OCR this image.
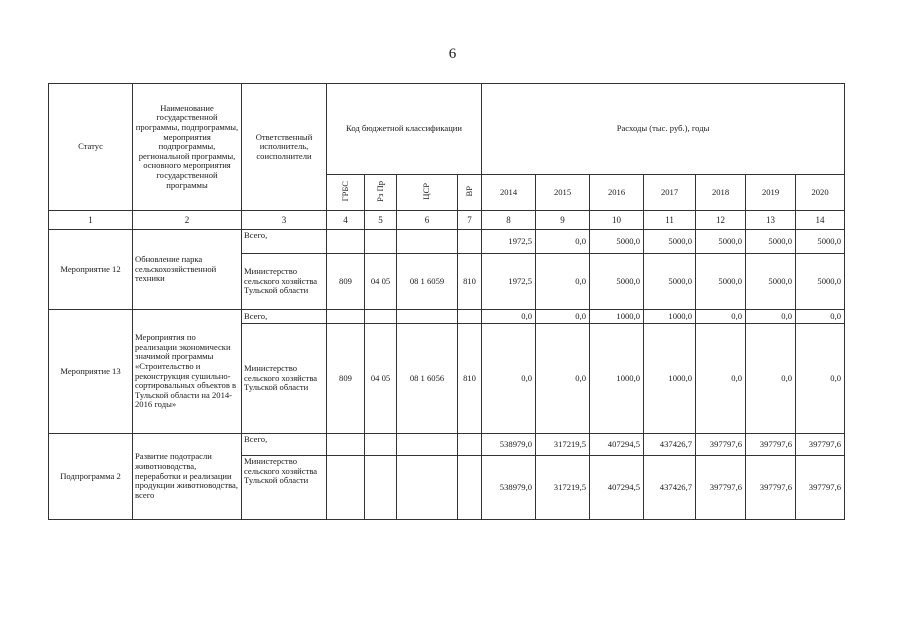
6
Статус	Наименование государственной программы, подпрограммы, мероприятия подпрограммы, региональной программы, основного мероприятия государственной программы	Ответственный исполнитель, соисполнители	Код бюджетной классификации				Расходы (тыс. руб.), годы						
			ГРБС	Рз Пр	ЦСР	ВР	2014	2015	2016	2017	2018	2019	2020
1	2	3	4	5	6	7	8	9	10	11	12	13	14
Мероприятие 12	Обновление парка сельскохозяйственной техники	Всего,					1972,5	0,0	5000,0	5000,0	5000,0	5000,0	5000,0
		Министерство сельского хозяйства Тульской области	809	04 05	08 1 6059	810	1972,5	0,0	5000,0	5000,0	5000,0	5000,0	5000,0
Мероприятие 13	Мероприятия по реализации экономически значимой программы «Строительство и реконструкция сушильно-сортировальных объектов в Тульской области на 2014-2016 годы»	Всего,					0,0	0,0	1000,0	1000,0	0,0	0,0	0,0
		Министерство сельского хозяйства Тульской области	809	04 05	08 1 6056	810	0,0	0,0	1000,0	1000,0	0,0	0,0	0,0
Подпрограмма 2	Развитие подотрасли животноводства, переработки и реализации продукции животноводства, всего	Всего,					538979,0	317219,5	407294,5	437426,7	397797,6	397797,6	397797,6
		Министерство сельского хозяйства Тульской области					538979,0	317219,5	407294,5	437426,7	397797,6	397797,6	397797,6
